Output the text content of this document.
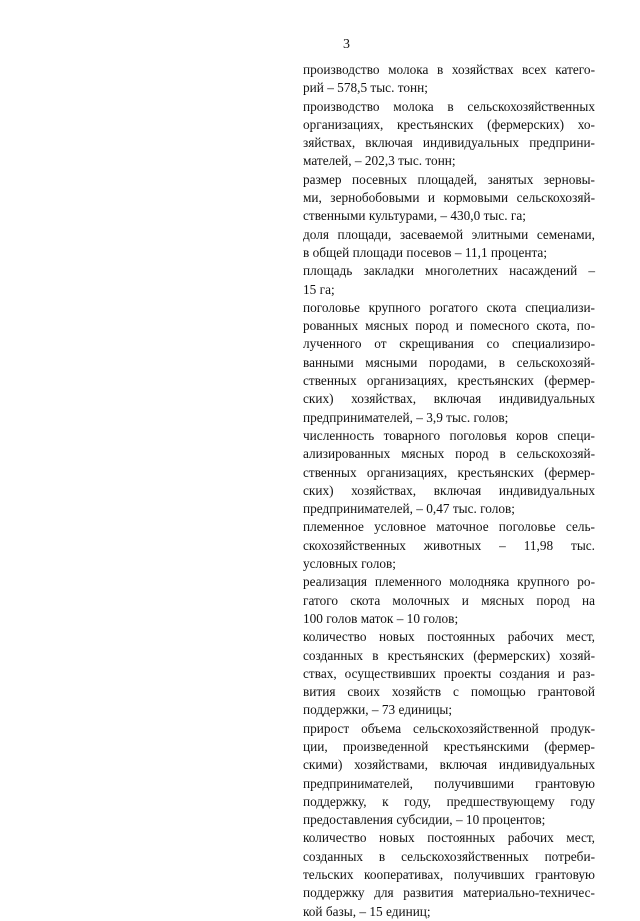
3

производство молока в хозяйствах всех катего-
рий – 578,5 тыс. тонн;

производство молока в сельскохозяйственных
организациях, крестьянских (фермерских) хо-
зяйствах, включая индивидуальных предприни-
мателей, – 202,3 тыс. тонн;

размер посевных площадей, занятых зерновы-
ми, зернобобовыми и кормовыми сельскохозяй-
ственными культурами, – 430,0 тыс. га;

доля площади, засеваемой элитными семенами,
в общей площади посевов – 11,1 процента;

площадь закладки многолетних насаждений –
15 га;

поголовье крупного рогатого скота специализи-
рованных мясных пород и помесного скота, по-
лученного от скрещивания со специализиро-
ванными мясными породами, в сельскохозяй-
ственных организациях, крестьянских (фермер-
ских) хозяйствах, включая индивидуальных
предпринимателей, – 3,9 тыс. голов;

численность товарного поголовья коров специ-
ализированных мясных пород в сельскохозяй-
ственных организациях, крестьянских (фермер-
ских) хозяйствах, включая индивидуальных
предпринимателей, – 0,47 тыс. голов;

племенное условное маточное поголовье сель-
скохозяйственных животных – 11,98 тыс.
условных голов;

реализация племенного молодняка крупного ро-
гатого скота молочных и мясных пород на
100 голов маток – 10 голов;

количество новых постоянных рабочих мест,
созданных в крестьянских (фермерских) хозяй-
ствах, осуществивших проекты создания и раз-
вития своих хозяйств с помощью грантовой
поддержки, – 73 единицы;

прирост объема сельскохозяйственной продук-
ции, произведенной крестьянскими (фермер-
скими) хозяйствами, включая индивидуальных
предпринимателей, получившими грантовую
поддержку, к году, предшествующему году
предоставления субсидии, – 10 процентов;

количество новых постоянных рабочих мест,
созданных в сельскохозяйственных потреби-
тельских кооперативах, получивших грантовую
поддержку для развития материально-техничес-
кой базы, – 15 единиц;
